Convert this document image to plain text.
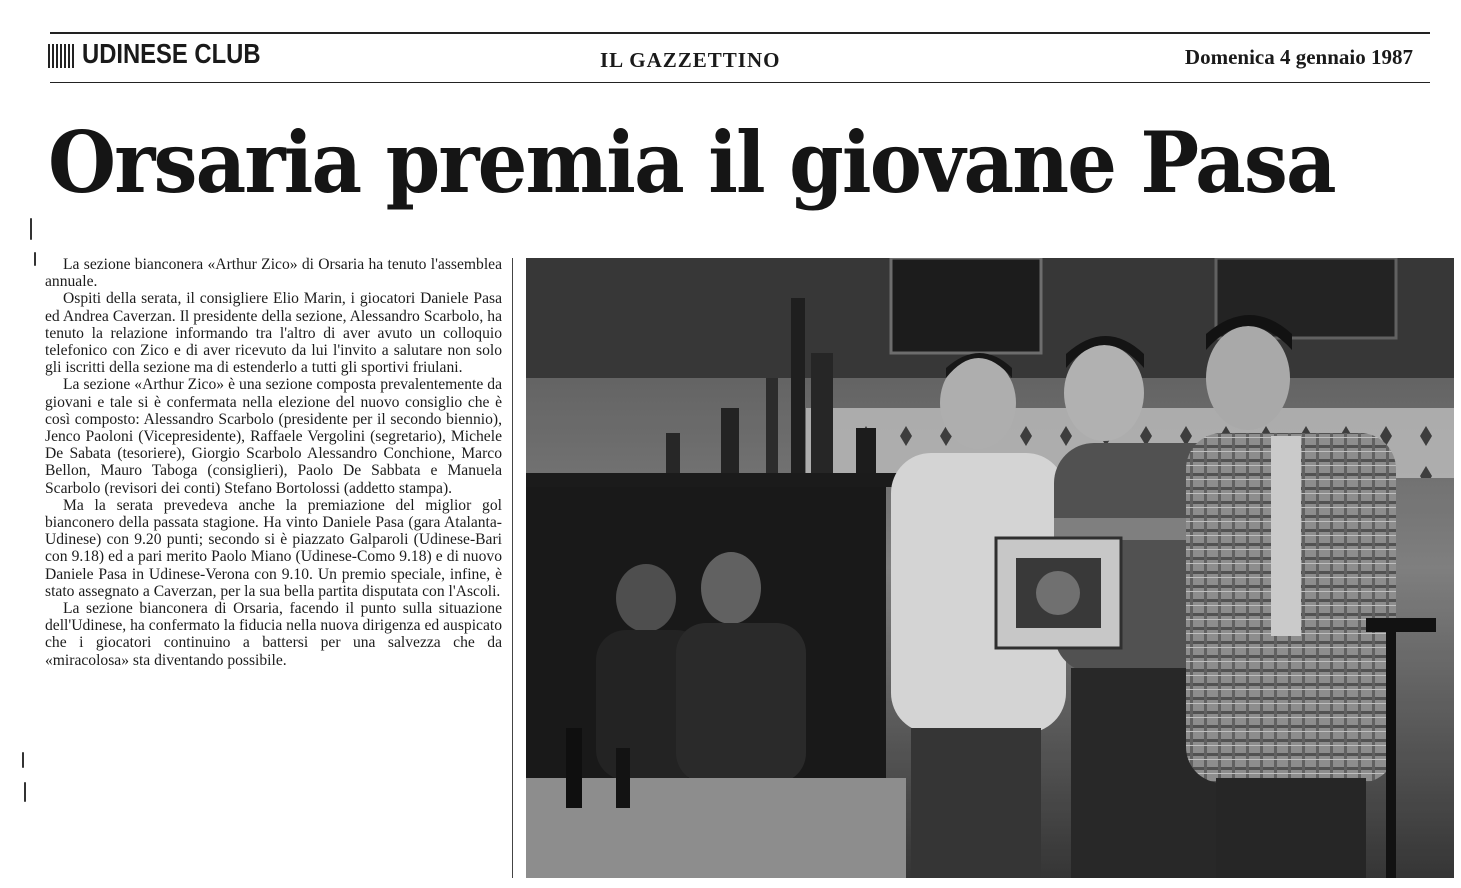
UDINESE CLUB	IL GAZZETTINO	Domenica 4 gennaio 1987
Orsaria premia il giovane Pasa

La sezione bianconera «Arthur Zico» di Orsaria ha tenuto l'assemblea annuale.

Ospiti della serata, il consigliere Elio Marin, i giocatori Daniele Pasa ed Andrea Caverzan. Il presidente della sezione, Alessandro Scarbolo, ha tenuto la relazione informando tra l'altro di aver avuto un colloquio telefonico con Zico e di aver ricevuto da lui l'invito a salutare non solo gli iscritti della sezione ma di estenderlo a tutti gli sportivi friulani.

La sezione «Arthur Zico» è una sezione composta prevalentemente da giovani e tale si è confermata nella elezione del nuovo consiglio che è così composto: Alessandro Scarbolo (presidente per il secondo biennio), Jenco Paoloni (Vicepresidente), Raffaele Vergolini (segretario), Michele De Sabata (tesoriere), Giorgio Scarbolo Alessandro Conchione, Marco Bellon, Mauro Taboga (consiglieri), Paolo De Sabbata e Manuela Scarbolo (revisori dei conti) Stefano Bortolossi (addetto stampa).

Ma la serata prevedeva anche la premiazione del miglior gol bianconero della passata stagione. Ha vinto Daniele Pasa (gara Atalanta-Udinese) con 9.20 punti; secondo si è piazzato Galparoli (Udinese-Bari con 9.18) ed a pari merito Paolo Miano (Udinese-Como 9.18) e di nuovo Daniele Pasa in Udinese-Verona con 9.10. Un premio speciale, infine, è stato assegnato a Caverzan, per la sua bella partita disputata con l'Ascoli.

La sezione bianconera di Orsaria, facendo il punto sulla situazione dell'Udinese, ha confermato la fiducia nella nuova dirigenza ed auspicato che i giocatori continuino a battersi per una salvezza che da «miracolosa» sta diventando possibile.
